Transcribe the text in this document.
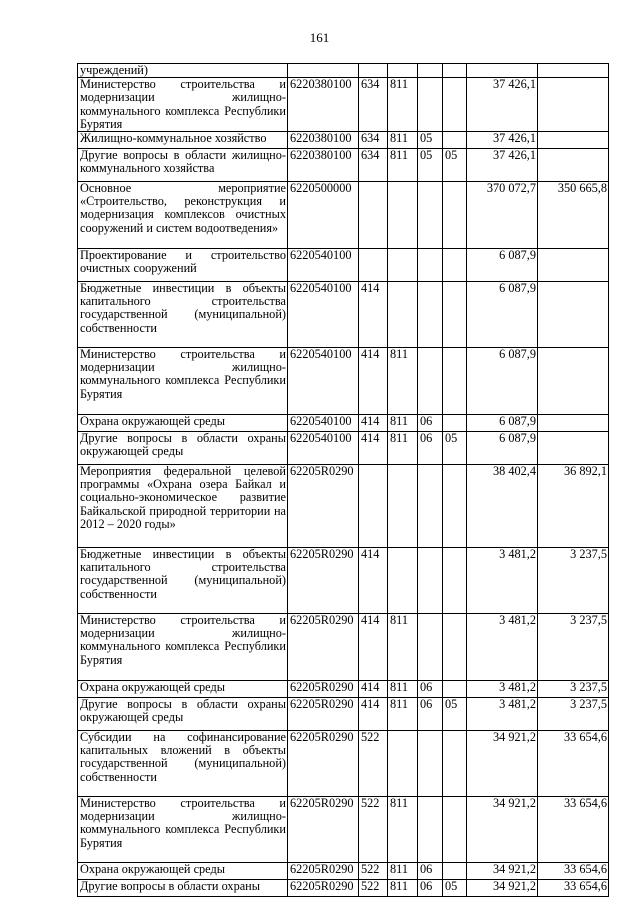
161
учреждений)							
Министерство строительства и модернизации жилищно-коммунального комплекса Республики Бурятия	6220380100	634	811			37 426,1	
Жилищно-коммунальное хозяйство	6220380100	634	811	05		37 426,1	
Другие вопросы в области жилищно-коммунального хозяйства	6220380100	634	811	05	05	37 426,1	
Основное мероприятие «Строительство, реконструкция и модернизация комплексов очистных сооружений и систем водоотведения»	6220500000					370 072,7	350 665,8
Проектирование и строительство очистных сооружений	6220540100					6 087,9	
Бюджетные инвестиции в объекты капитального строительства государственной (муниципальной) собственности	6220540100	414				6 087,9	
Министерство строительства и модернизации жилищно-коммунального комплекса Республики Бурятия	6220540100	414	811			6 087,9	
Охрана окружающей среды	6220540100	414	811	06		6 087,9	
Другие вопросы в области охраны окружающей среды	6220540100	414	811	06	05	6 087,9	
Мероприятия федеральной целевой программы «Охрана озера Байкал и социально-экономическое развитие Байкальской природной территории на 2012 – 2020 годы»	62205R0290					38 402,4	36 892,1
Бюджетные инвестиции в объекты капитального строительства государственной (муниципальной) собственности	62205R0290	414				3 481,2	3 237,5
Министерство строительства и модернизации жилищно-коммунального комплекса Республики Бурятия	62205R0290	414	811			3 481,2	3 237,5
Охрана окружающей среды	62205R0290	414	811	06		3 481,2	3 237,5
Другие вопросы в области охраны окружающей среды	62205R0290	414	811	06	05	3 481,2	3 237,5
Субсидии на софинансирование капитальных вложений в объекты государственной (муниципальной) собственности	62205R0290	522				34 921,2	33 654,6
Министерство строительства и модернизации жилищно-коммунального комплекса Республики Бурятия	62205R0290	522	811			34 921,2	33 654,6
Охрана окружающей среды	62205R0290	522	811	06		34 921,2	33 654,6
Другие вопросы в области охраны	62205R0290	522	811	06	05	34 921,2	33 654,6
